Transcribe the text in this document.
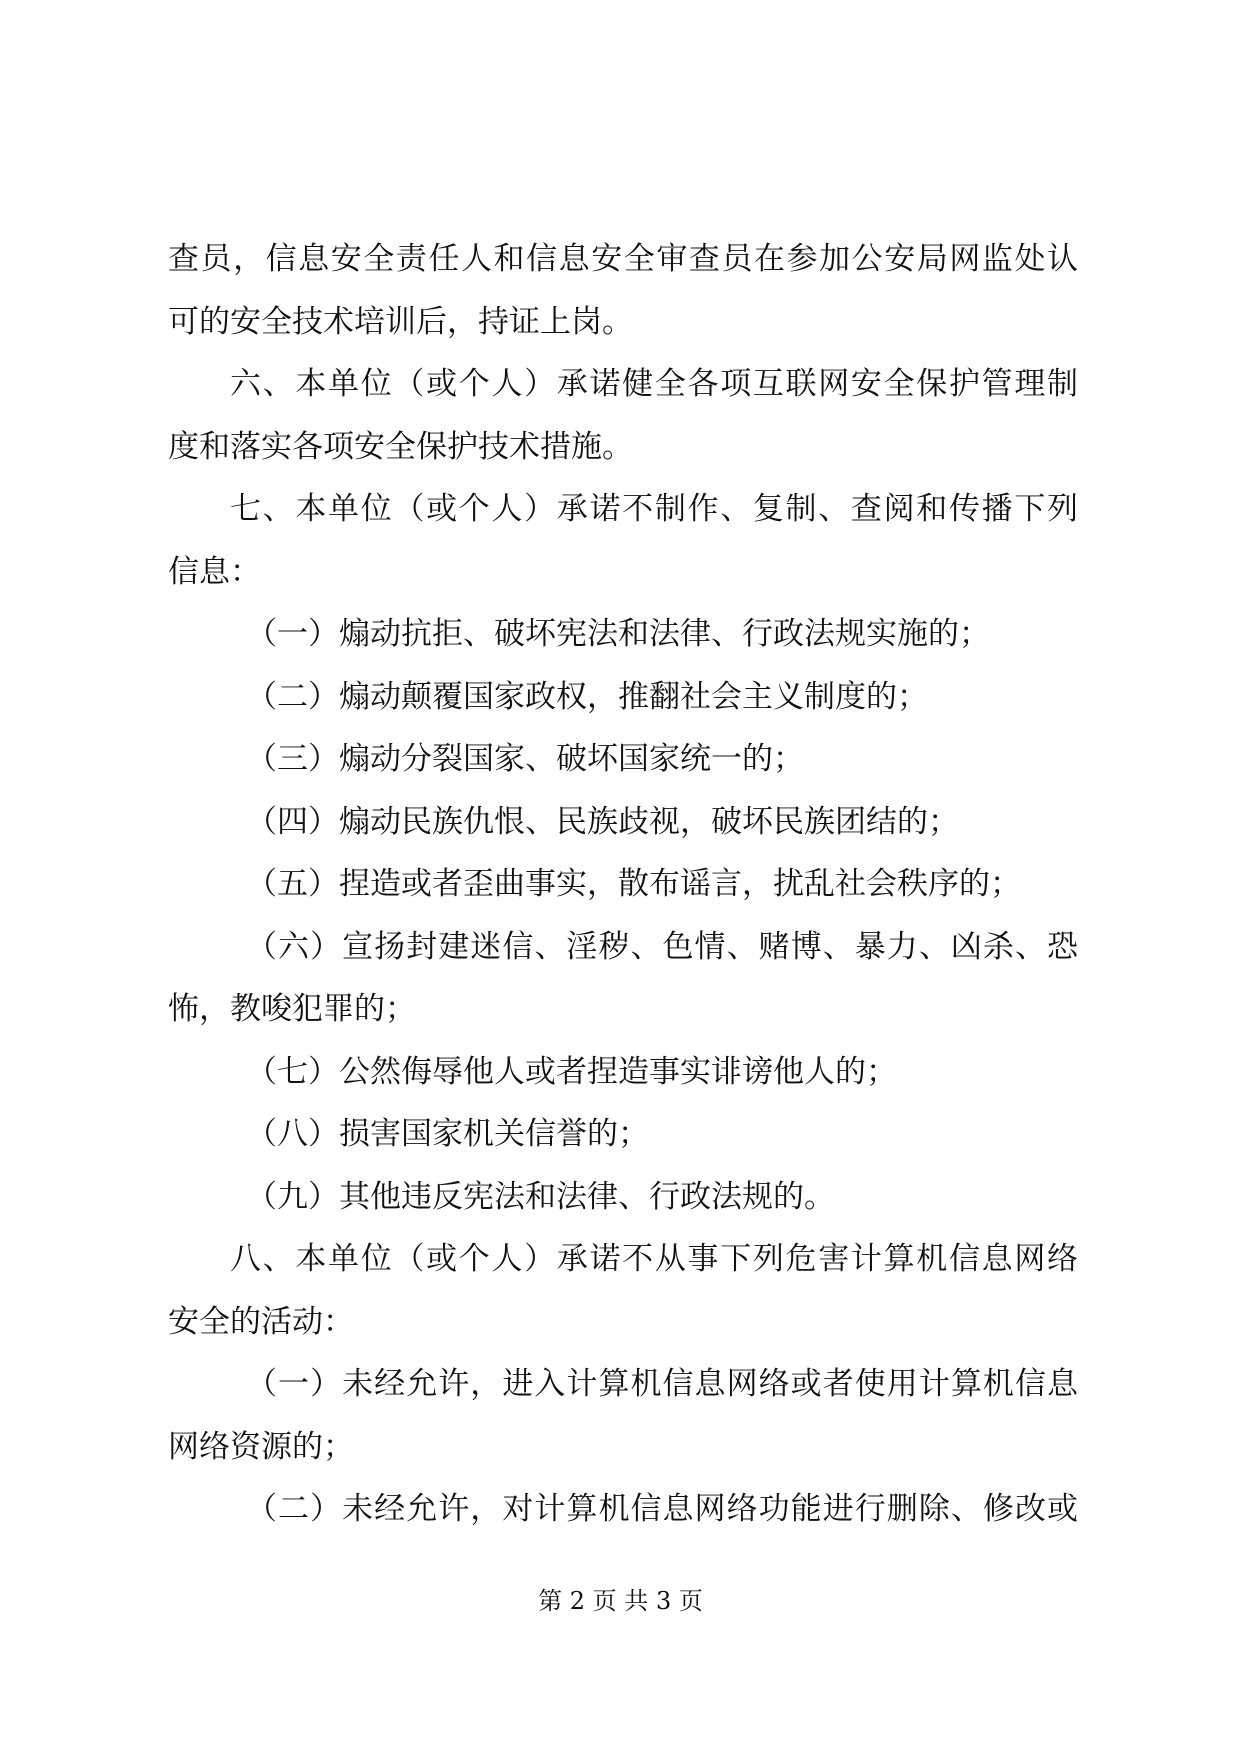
查员，信息安全责任人和信息安全审查员在参加公安局网监处认
可的安全技术培训后，持证上岗。
六、本单位（或个人）承诺健全各项互联网安全保护管理制
度和落实各项安全保护技术措施。
七、本单位（或个人）承诺不制作、复制、查阅和传播下列
信息：
（一）煽动抗拒、破坏宪法和法律、行政法规实施的；
（二）煽动颠覆国家政权，推翻社会主义制度的；
（三）煽动分裂国家、破坏国家统一的；
（四）煽动民族仇恨、民族歧视，破坏民族团结的；
（五）捏造或者歪曲事实，散布谣言，扰乱社会秩序的；
（六）宣扬封建迷信、淫秽、色情、赌博、暴力、凶杀、恐
怖，教唆犯罪的；
（七）公然侮辱他人或者捏造事实诽谤他人的；
（八）损害国家机关信誉的；
（九）其他违反宪法和法律、行政法规的。
八、本单位（或个人）承诺不从事下列危害计算机信息网络
安全的活动：
（一）未经允许，进入计算机信息网络或者使用计算机信息
网络资源的；
（二）未经允许，对计算机信息网络功能进行删除、修改或
第 2 页 共 3 页
